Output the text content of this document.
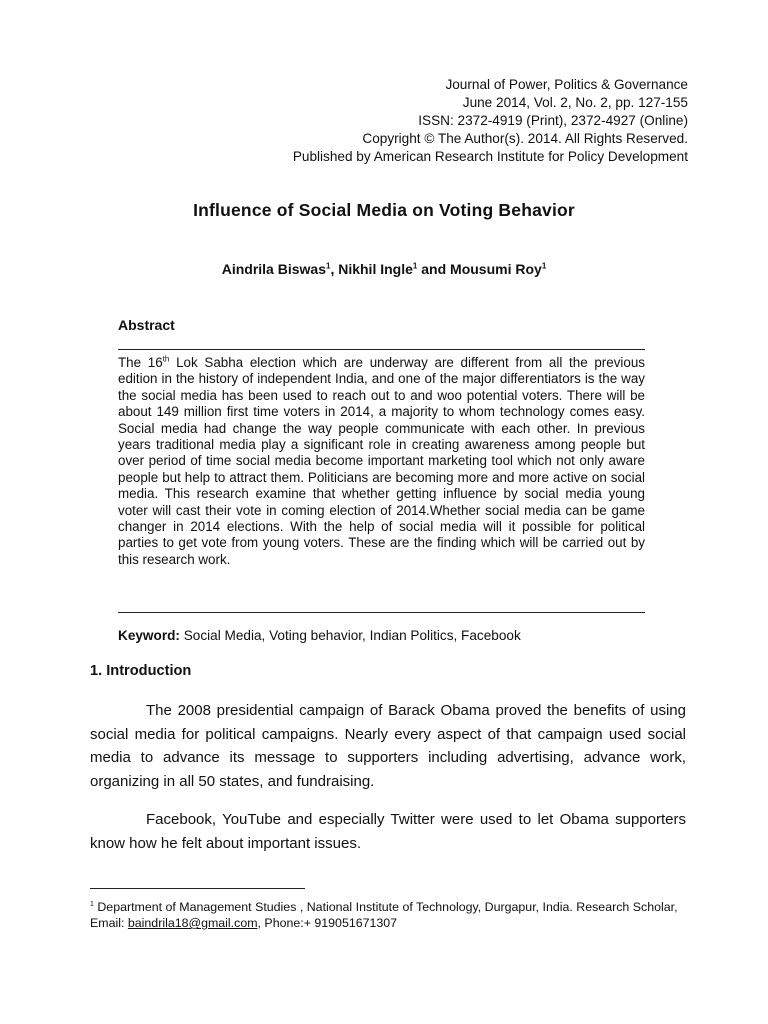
Journal of Power, Politics & Governance
June 2014, Vol. 2, No. 2, pp. 127-155
ISSN: 2372-4919 (Print), 2372-4927 (Online)
Copyright © The Author(s). 2014. All Rights Reserved.
Published by American Research Institute for Policy Development
Influence of Social Media on Voting Behavior
Aindrila Biswas$^1$, Nikhil Ingle$^1$ and Mousumi Roy$^1$
Abstract
The 16th Lok Sabha election which are underway are different from all the previous edition in the history of independent India, and one of the major differentiators is the way the social media has been used to reach out to and woo potential voters. There will be about 149 million first time voters in 2014, a majority to whom technology comes easy. Social media had change the way people communicate with each other. In previous years traditional media play a significant role in creating awareness among people but over period of time social media become important marketing tool which not only aware people but help to attract them. Politicians are becoming more and more active on social media. This research examine that whether getting influence by social media young voter will cast their vote in coming election of 2014.Whether social media can be game changer in 2014 elections. With the help of social media will it possible for political parties to get vote from young voters. These are the finding which will be carried out by this research work.
Keyword: Social Media, Voting behavior, Indian Politics, Facebook
1. Introduction

The 2008 presidential campaign of Barack Obama proved the benefits of using social media for political campaigns. Nearly every aspect of that campaign used social media to advance its message to supporters including advertising, advance work, organizing in all 50 states, and fundraising.

Facebook, YouTube and especially Twitter were used to let Obama supporters know how he felt about important issues.

$^1$ Department of Management Studies , National Institute of Technology, Durgapur, India. Research Scholar, Email: baindrila18@gmail.com, Phone:+ 919051671307
